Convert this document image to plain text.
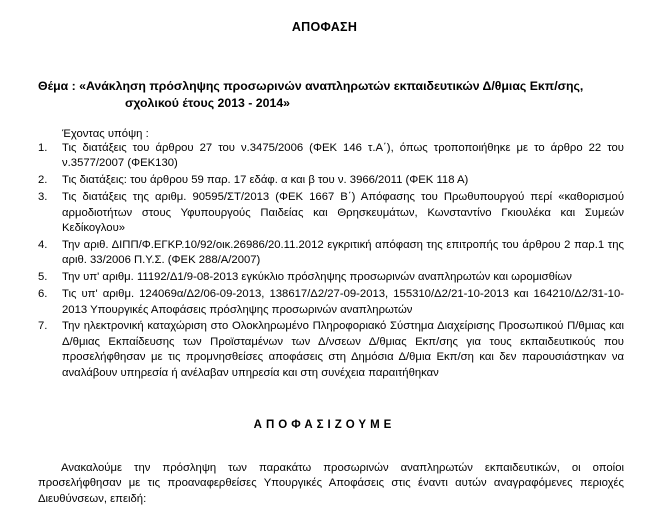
ΑΠΟΦΑΣΗ
Θέμα : «Ανάκληση πρόσληψης προσωρινών αναπληρωτών εκπαιδευτικών Δ/θμιας Εκπ/σης,
σχολικού έτους 2013 - 2014»
Έχοντας υπόψη :
1. Τις διατάξεις του άρθρου 27 του ν.3475/2006 (ΦΕΚ 146 τ.Α΄), όπως τροποποιήθηκε με το άρθρο 22 του ν.3577/2007 (ΦΕΚ130)
2. Τις διατάξεις: του άρθρου 59 παρ. 17 εδάφ. α και β του ν. 3966/2011 (ΦΕΚ 118 Α)
3. Τις διατάξεις της αριθμ. 90595/ΣΤ/2013 (ΦΕΚ 1667 Β΄) Απόφασης του Πρωθυπουργού περί «καθορισμού αρμοδιοτήτων στους Υφυπουργούς Παιδείας και Θρησκευμάτων, Κωνσταντίνο Γκιουλέκα και Συμεών Κεδίκογλου»
4. Την αριθ. ΔΙΠΠ/Φ.ΕΓΚΡ.10/92/οικ.26986/20.11.2012 εγκριτική απόφαση της επιτροπής του άρθρου 2 παρ.1 της αριθ. 33/2006 Π.Υ.Σ. (ΦΕΚ 288/Α/2007)
5. Την υπ' αριθμ. 11192/Δ1/9-08-2013 εγκύκλιο πρόσληψης προσωρινών αναπληρωτών και ωρομισθίων
6. Τις υπ' αριθμ. 124069α/Δ2/06-09-2013, 138617/Δ2/27-09-2013, 155310/Δ2/21-10-2013 και 164210/Δ2/31-10-2013 Υπουργικές Αποφάσεις πρόσληψης προσωρινών αναπληρωτών
7. Την ηλεκτρονική καταχώριση στο Ολοκληρωμένο Πληροφοριακό Σύστημα Διαχείρισης Προσωπικού Π/θμιας και Δ/θμιας Εκπαίδευσης των Προϊσταμένων των Δ/νσεων Δ/θμιας Εκπ/σης για τους εκπαιδευτικούς που προσελήφθησαν με τις προμνησθείσες αποφάσεις στη Δημόσια Δ/θμια Εκπ/ση και δεν παρουσιάστηκαν να αναλάβουν υπηρεσία ή ανέλαβαν υπηρεσία και στη συνέχεια παραιτήθηκαν
ΑΠΟΦΑΣΙΖΟΥΜΕ
Ανακαλούμε την πρόσληψη των παρακάτω προσωρινών αναπληρωτών εκπαιδευτικών, οι οποίοι προσελήφθησαν με τις προαναφερθείσες Υπουργικές Αποφάσεις στις έναντι αυτών αναγραφόμενες περιοχές Διευθύνσεων, επειδή:
